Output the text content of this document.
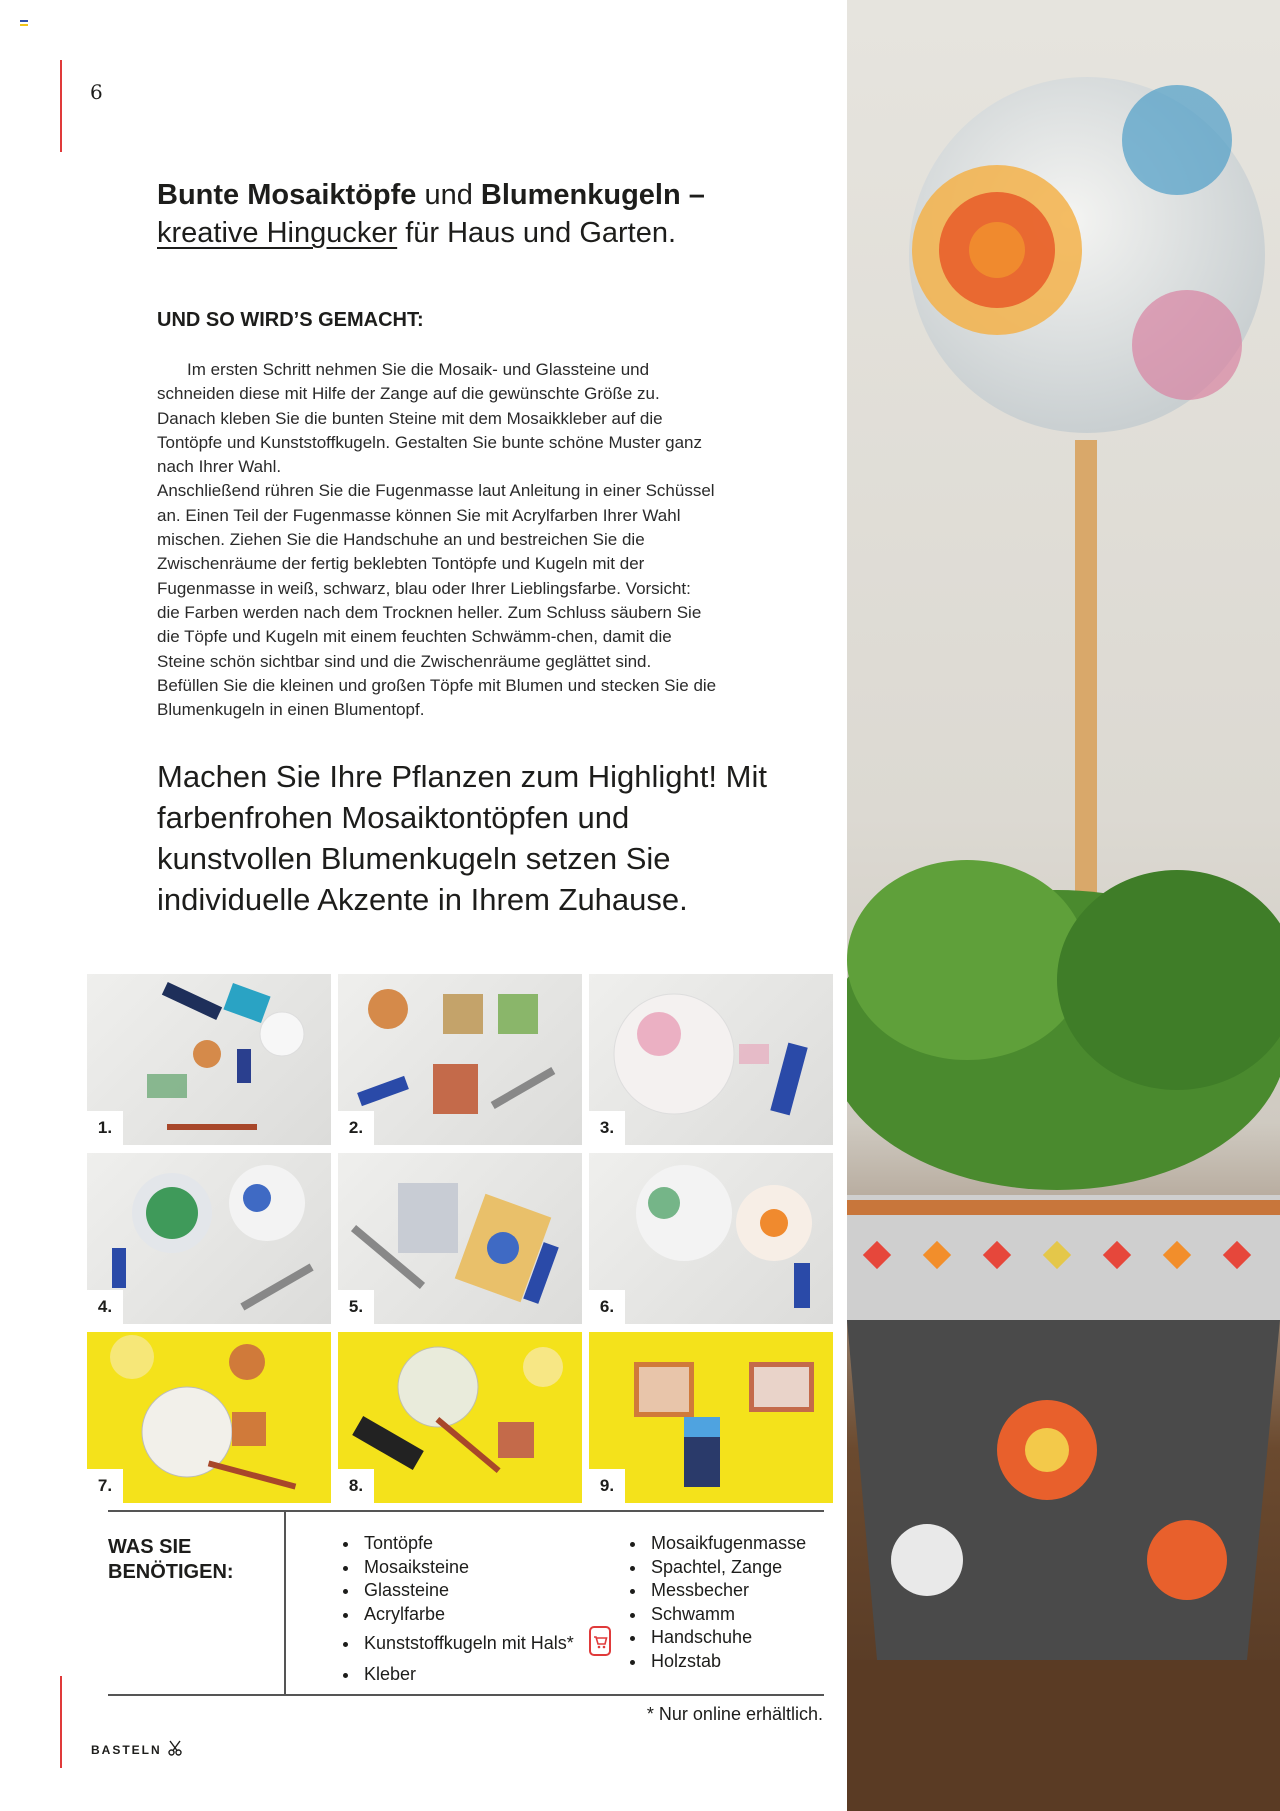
6
Bunte Mosaiktöpfe und Blumenkugeln –
kreative Hingucker für Haus und Garten.
UND SO WIRD’S GEMACHT:

Im ersten Schritt nehmen Sie die Mosaik- und Glassteine und schneiden diese mit Hilfe der Zange auf die gewünschte Größe zu. Danach kleben Sie die bunten Steine mit dem Mosaikkleber auf die Tontöpfe und Kunststoffkugeln. Gestalten Sie bunte schöne Muster ganz nach Ihrer Wahl.

Anschließend rühren Sie die Fugenmasse laut Anleitung in einer Schüssel an. Einen Teil der Fugenmasse können Sie mit Acrylfarben Ihrer Wahl mischen. Ziehen Sie die Handschuhe an und bestreichen Sie die Zwischenräume der fertig beklebten Tontöpfe und Kugeln mit der Fugenmasse in weiß, schwarz, blau oder Ihrer Lieblingsfarbe. Vorsicht: die Farben werden nach dem Trocknen heller. Zum Schluss säubern Sie die Töpfe und Kugeln mit einem feuchten Schwämm-chen, damit die Steine schön sichtbar sind und die Zwischenräume geglättet sind. Befüllen Sie die kleinen und großen Töpfe mit Blumen und stecken Sie die Blumenkugeln in einen Blumentopf.

Machen Sie Ihre Pflanzen zum Highlight! Mit farbenfrohen Mosaiktontöpfen und kunstvollen Blumenkugeln setzen Sie individuelle Akzente in Ihrem Zuhause.
1.	2.	3.
4.	5.	6.
7.	8.	9.
WAS SIE BENÖTIGEN:
• Tontöpfe
• Mosaiksteine
• Glassteine
• Acrylfarbe
• Kunststoffkugeln mit Hals*
• Kleber
• Mosaikfugenmasse
• Spachtel, Zange
• Messbecher
• Schwamm
• Handschuhe
• Holzstab
* Nur online erhältlich.
BASTELN
